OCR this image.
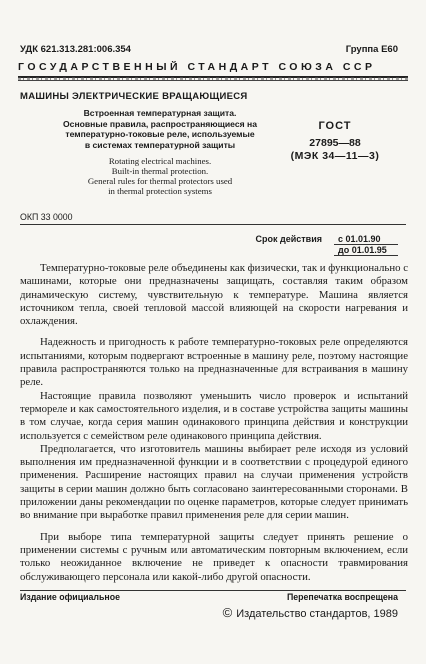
УДК 621.313.281:006.354	Группа Е60
ГОСУДАРСТВЕННЫЙ СТАНДАРТ СОЮЗА ССР
МАШИНЫ ЭЛЕКТРИЧЕСКИЕ ВРАЩАЮЩИЕСЯ
Встроенная температурная защита.
Основные правила, распространяющиеся на
температурно-токовые реле, используемые
в системах температурной защиты
Rotating electrical machines.
Built-in thermal protection.
General rules for thermal protectors used
in thermal protection systems
ОКП 33 0000
ГОСТ
27895—88
(МЭК 34—11—3)
Срок действия	с 01.01.90
до 01.01.95

Температурно-токовые реле объединены как физически, так и функционально с машинами, которые они предназначены защищать, составляя таким образом динамическую систему, чувствительную к температуре. Машина является источником тепла, своей тепловой массой влияющей на скорости нагревания и охлаждения.

Надежность и пригодность к работе температурно-токовых реле определяются испытаниями, которым подвергают встроенные в машину реле, поэтому настоящие правила распространяются только на предназначенные для встраивания в машину реле.

Настоящие правила позволяют уменьшить число проверок и испытаний термореле и как самостоятельного изделия, и в составе устройства защиты машины в том случае, когда серия машин одинакового принципа действия и конструкции используется с семейством реле одинакового принципа действия.

Предполагается, что изготовитель машины выбирает реле исходя из условий выполнения им предназначенной функции и в соответствии с процедурой единого применения. Расширение настоящих правил на случаи применения устройств защиты в серии машин должно быть согласовано заинтересованными сторонами. В приложении даны рекомендации по оценке параметров, которые следует принимать во внимание при выработке правил применения реле для серии машин.

При выборе типа температурной защиты следует принять решение о применении системы с ручным или автоматическим повторным включением, если только неожиданное включение не приведет к опасности травмирования обслуживающего персонала или какой-либо другой опасности.

Издание официальное	Перепечатка воспрещена
© Издательство стандартов, 1989
